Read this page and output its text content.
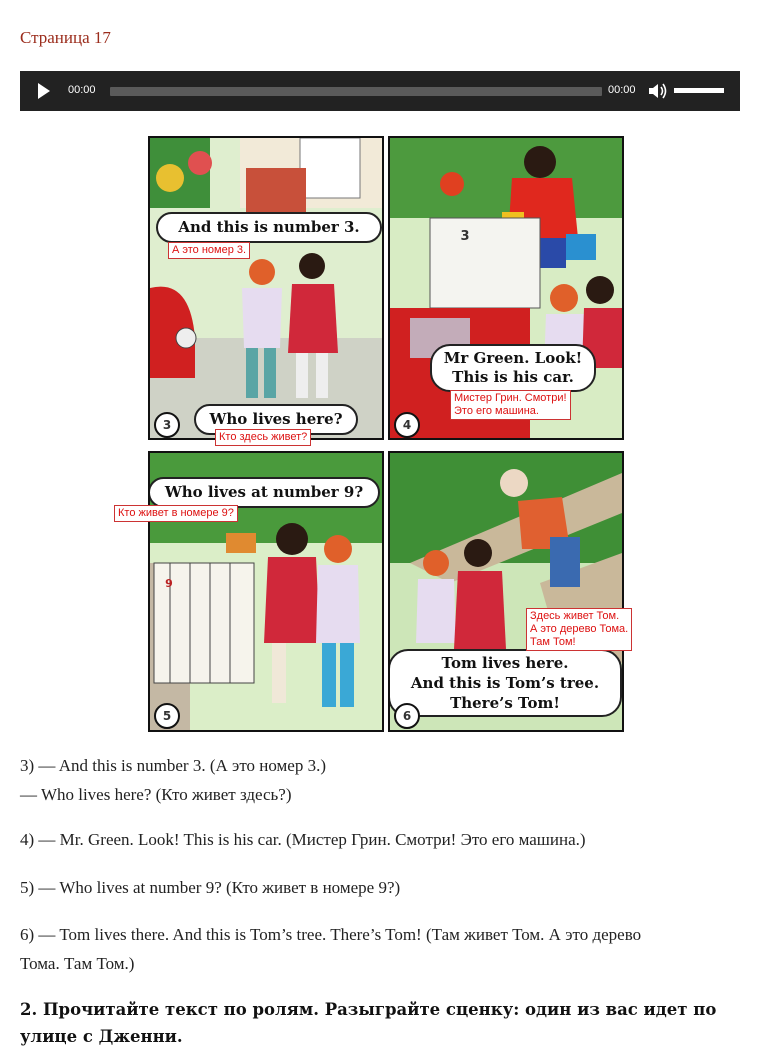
Страница 17
00:00	00:00
And this is number 3.
А это номер 3.
Who lives here?
3
3
Mr Green. Look!
This is his car.
Мистер Грин. Смотри!
Это его машина.
4
Who lives at number 9?
9
5
Кто живет в номере 9?
Tom lives here.
And this is Tom’s tree.
There’s Tom!
6
Здесь живет Том.
А это дерево Тома.
Там Том!
Кто здесь живет?
3) — And this is number 3. (А это номер 3.)
— Who lives here? (Кто живет здесь?)
4) — Mr. Green. Look! This is his car. (Мистер Грин. Смотри! Это его машина.)
5) — Who lives at number 9? (Кто живет в номере 9?)
6) — Tom lives there. And this is Tom’s tree. There’s Tom! (Там живет Том. А это дерево
Тома. Там Том.)
2. Прочитайте текст по ролям. Разыграйте сценку: один из вас идет по
улице с Дженни.
